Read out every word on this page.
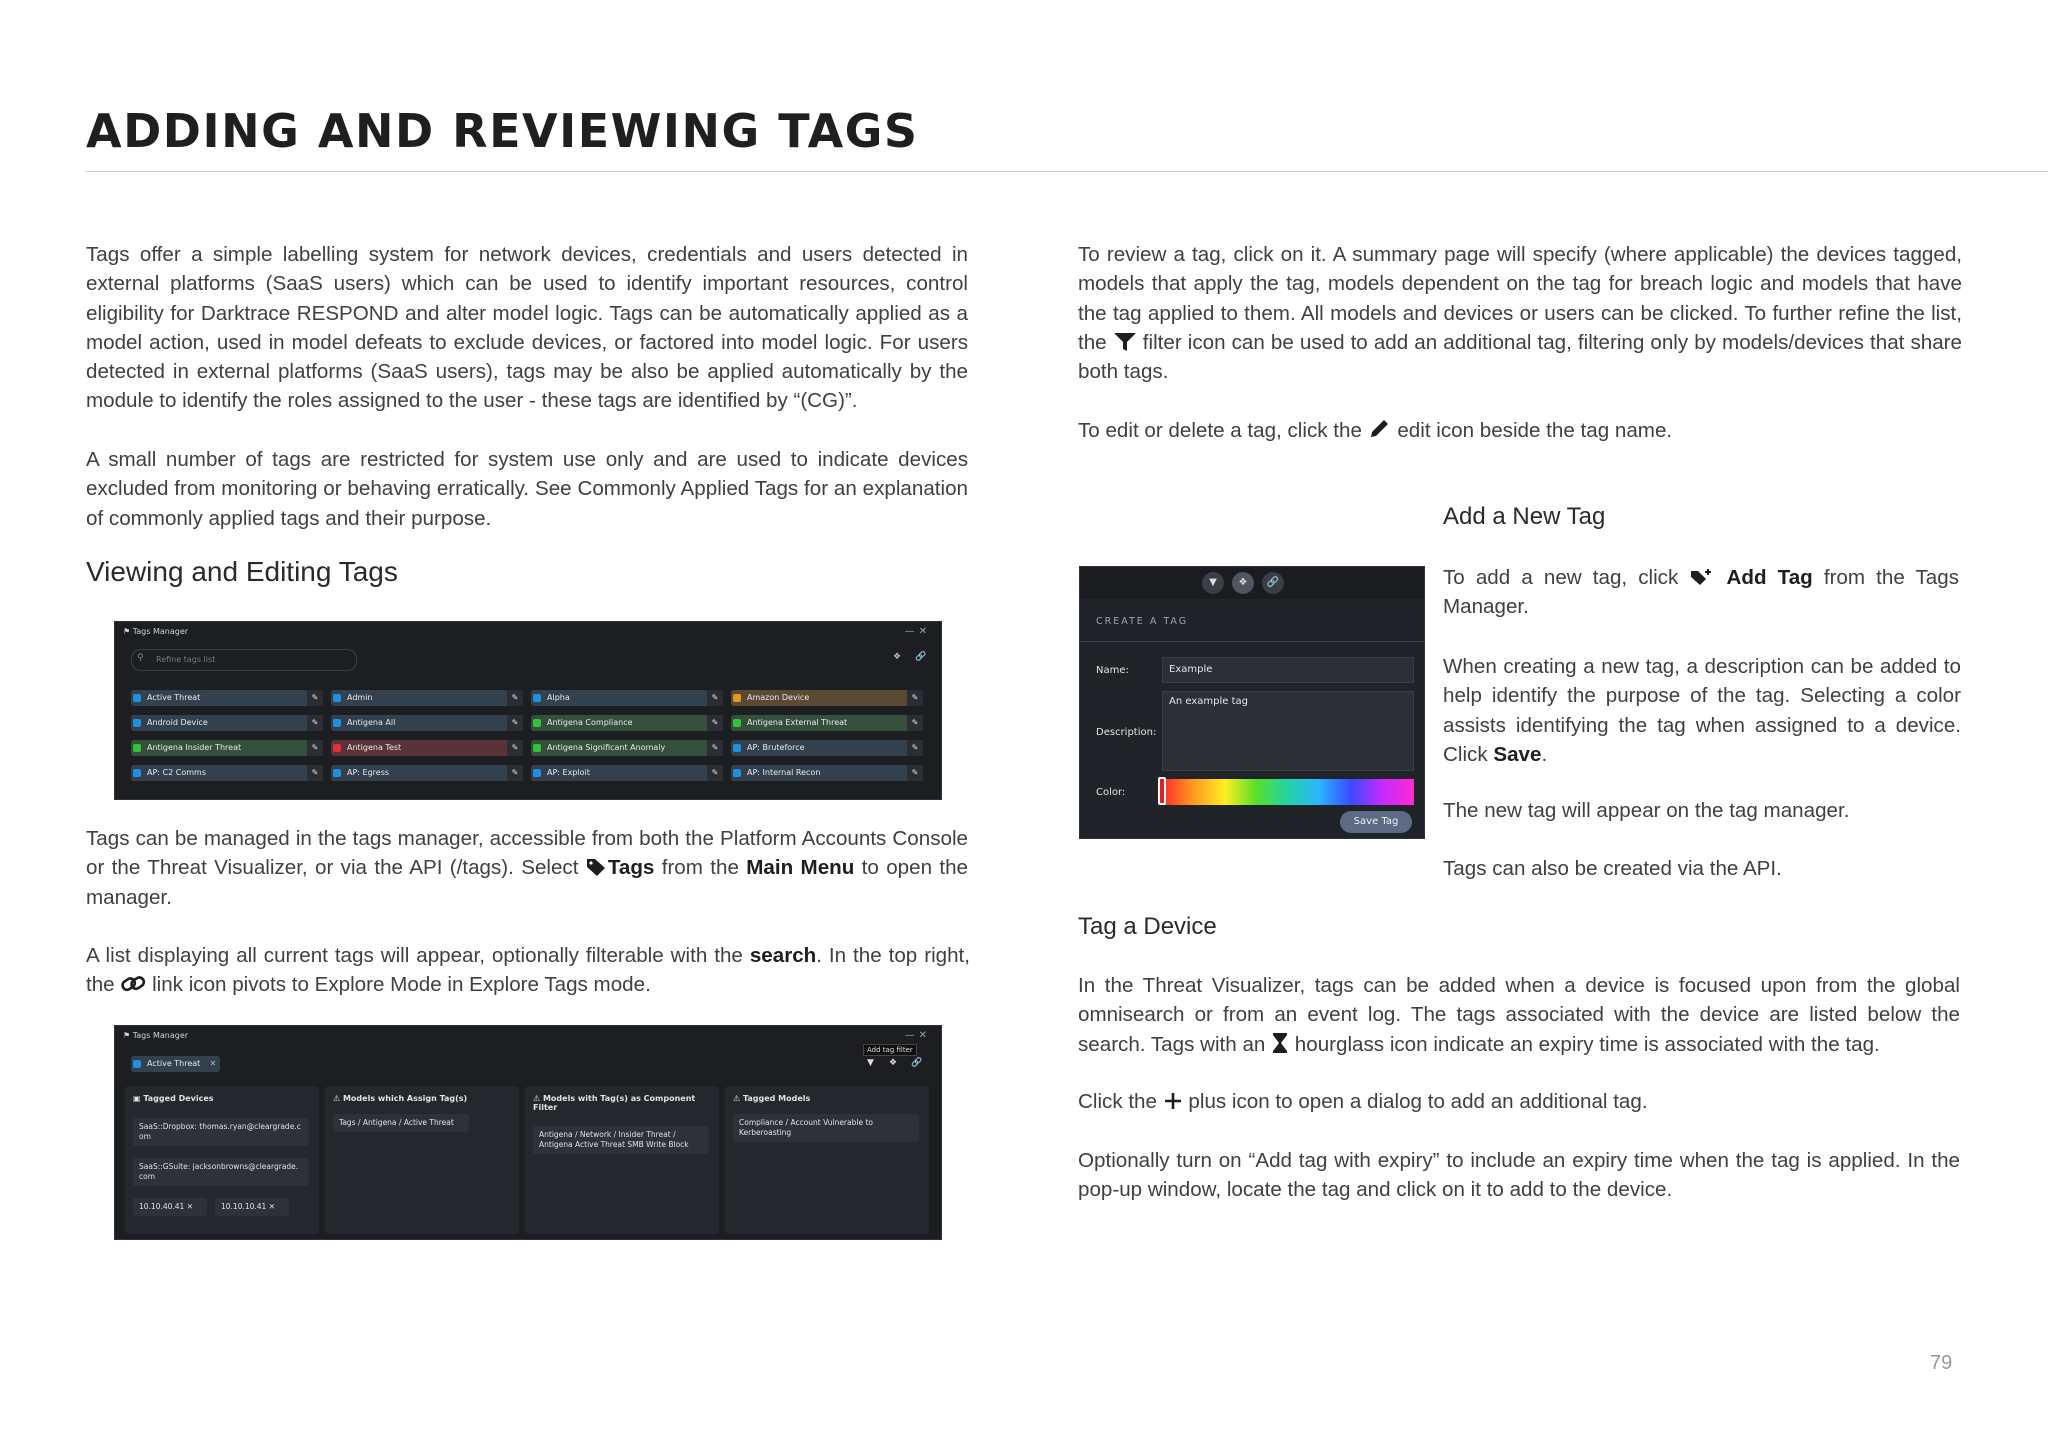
ADDING AND REVIEWING TAGS

Tags offer a simple labelling system for network devices, credentials and users detected in external platforms (SaaS users) which can be used to identify important resources, control eligibility for Darktrace RESPOND and alter model logic. Tags can be automatically applied as a model action, used in model defeats to exclude devices, or factored into model logic. For users detected in external platforms (SaaS users), tags may be also be applied automatically by the module to identify the roles assigned to the user - these tags are identified by “(CG)”.

A small number of tags are restricted for system use only and are used to indicate devices excluded from monitoring or behaving erratically. See Commonly Applied Tags for an explanation of commonly applied tags and their purpose.

Viewing and Editing Tags
⚑ Tags Manager	—✕
Refine tags list
⚲	❖ 🔗
Active Threat	✎	Admin	✎	Alpha	✎	Amazon Device	✎
Android Device	✎	Antigena All	✎	Antigena Compliance	✎	Antigena External Threat	✎
Antigena Insider Threat	✎	Antigena Test	✎	Antigena Significant Anomaly	✎	AP: Bruteforce	✎
AP: C2 Comms	✎	AP: Egress	✎	AP: Exploit	✎	AP: Internal Recon	✎

Tags can be managed in the tags manager, accessible from both the Platform Accounts Console or the Threat Visualizer, or via the API (/tags). Select Tags from the Main Menu to open the manager.

A list displaying all current tags will appear, optionally filterable with the search. In the top right, the  link icon pivots to Explore Mode in Explore Tags mode.

⚑ Tags Manager	—✕
Active Threat ✕
Add tag filter
▼ ❖ 🔗
▣ Tagged Devices
SaaS::Dropbox: thomas.ryan@cleargrade.c om
SaaS::GSuite: jacksonbrowns@cleargrade. com
10.10.40.41 ✕	10.10.10.41 ✕
⚠ Models which Assign Tag(s)
Tags / Antigena / Active Threat
⚠ Models with Tag(s) as Component Filter
Antigena / Network / Insider Threat / Antigena Active Threat SMB Write Block
⚠ Tagged Models
Compliance / Account Vulnerable to Kerberoasting

To review a tag, click on it. A summary page will specify (where applicable) the devices tagged, models that apply the tag, models dependent on the tag for breach logic and models that have the tag applied to them. All models and devices or users can be clicked. To further refine the list, the  filter icon can be used to add an additional tag, filtering only by models/devices that share both tags.

To edit or delete a tag, click the  edit icon beside the tag name.

Add a New Tag
▼	❖	🔗
CREATE A TAG
Name:	Example
Description:
An example tag
Color:
Save Tag

To add a new tag, click  Add Tag from the Tags Manager.

When creating a new tag, a description can be added to help identify the purpose of the tag. Selecting a color assists identifying the tag when assigned to a device. Click Save.

The new tag will appear on the tag manager.

Tags can also be created via the API.

Tag a Device

In the Threat Visualizer, tags can be added when a device is focused upon from the global omnisearch or from an event log. The tags associated with the device are listed below the search. Tags with an  hourglass icon indicate an expiry time is associated with the tag.

Click the  plus icon to open a dialog to add an additional tag.

Optionally turn on “Add tag with expiry” to include an expiry time when the tag is applied. In the pop-up window, locate the tag and click on it to add to the device.

79
